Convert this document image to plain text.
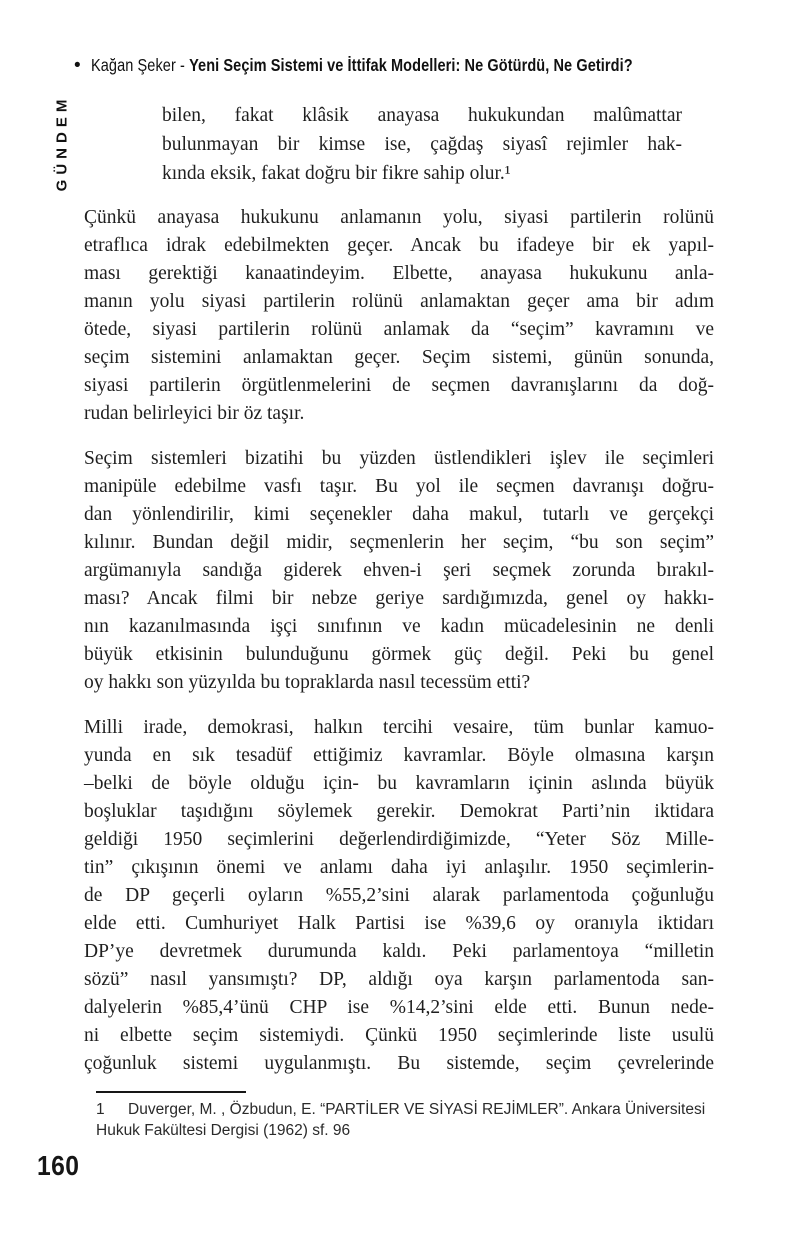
• Kağan Şeker - Yeni Seçim Sistemi ve İttifak Modelleri: Ne Götürdü, Ne Getirdi?
GÜNDEM	bilen, fakat klâsik anayasa hukukundan malûmattar
bulunmayan bir kimse ise, çağdaş siyasî rejimler hak-
kında eksik, fakat doğru bir fikre sahip olur.¹
Çünkü anayasa hukukunu anlamanın yolu, siyasi partilerin rolünü
etraflıca idrak edebilmekten geçer. Ancak bu ifadeye bir ek yapıl-
ması gerektiği kanaatindeyim. Elbette, anayasa hukukunu anla-
manın yolu siyasi partilerin rolünü anlamaktan geçer ama bir adım
ötede, siyasi partilerin rolünü anlamak da “seçim” kavramını ve
seçim sistemini anlamaktan geçer. Seçim sistemi, günün sonunda,
siyasi partilerin örgütlenmelerini de seçmen davranışlarını da doğ-
rudan belirleyici bir öz taşır.
Seçim sistemleri bizatihi bu yüzden üstlendikleri işlev ile seçimleri
manipüle edebilme vasfı taşır. Bu yol ile seçmen davranışı doğru-
dan yönlendirilir, kimi seçenekler daha makul, tutarlı ve gerçekçi
kılınır. Bundan değil midir, seçmenlerin her seçim, “bu son seçim”
argümanıyla sandığa giderek ehven-i şeri seçmek zorunda bırakıl-
ması? Ancak filmi bir nebze geriye sardığımızda, genel oy hakkı-
nın kazanılmasında işçi sınıfının ve kadın mücadelesinin ne denli
büyük etkisinin bulunduğunu görmek güç değil. Peki bu genel
oy hakkı son yüzyılda bu topraklarda nasıl tecessüm etti?
Milli irade, demokrasi, halkın tercihi vesaire, tüm bunlar kamuo-
yunda en sık tesadüf ettiğimiz kavramlar. Böyle olmasına karşın
–belki de böyle olduğu için- bu kavramların içinin aslında büyük
boşluklar taşıdığını söylemek gerekir. Demokrat Parti’nin iktidara
geldiği 1950 seçimlerini değerlendirdiğimizde, “Yeter Söz Mille-
tin” çıkışının önemi ve anlamı daha iyi anlaşılır. 1950 seçimlerin-
de DP geçerli oyların %55,2’sini alarak parlamentoda çoğunluğu
elde etti. Cumhuriyet Halk Partisi ise %39,6 oy oranıyla iktidarı
DP’ye devretmek durumunda kaldı. Peki parlamentoya “milletin
sözü” nasıl yansımıştı? DP, aldığı oya karşın parlamentoda san-
dalyelerin %85,4’ünü CHP ise %14,2’sini elde etti. Bunun nede-
ni elbette seçim sistemiydi. Çünkü 1950 seçimlerinde liste usulü
çoğunluk sistemi uygulanmıştı. Bu sistemde, seçim çevrelerinde
1 Duverger, M. , Özbudun, E. “PARTİLER VE SİYASİ REJİMLER”. Ankara Üniversitesi
Hukuk Fakültesi Dergisi (1962) sf. 96
160
